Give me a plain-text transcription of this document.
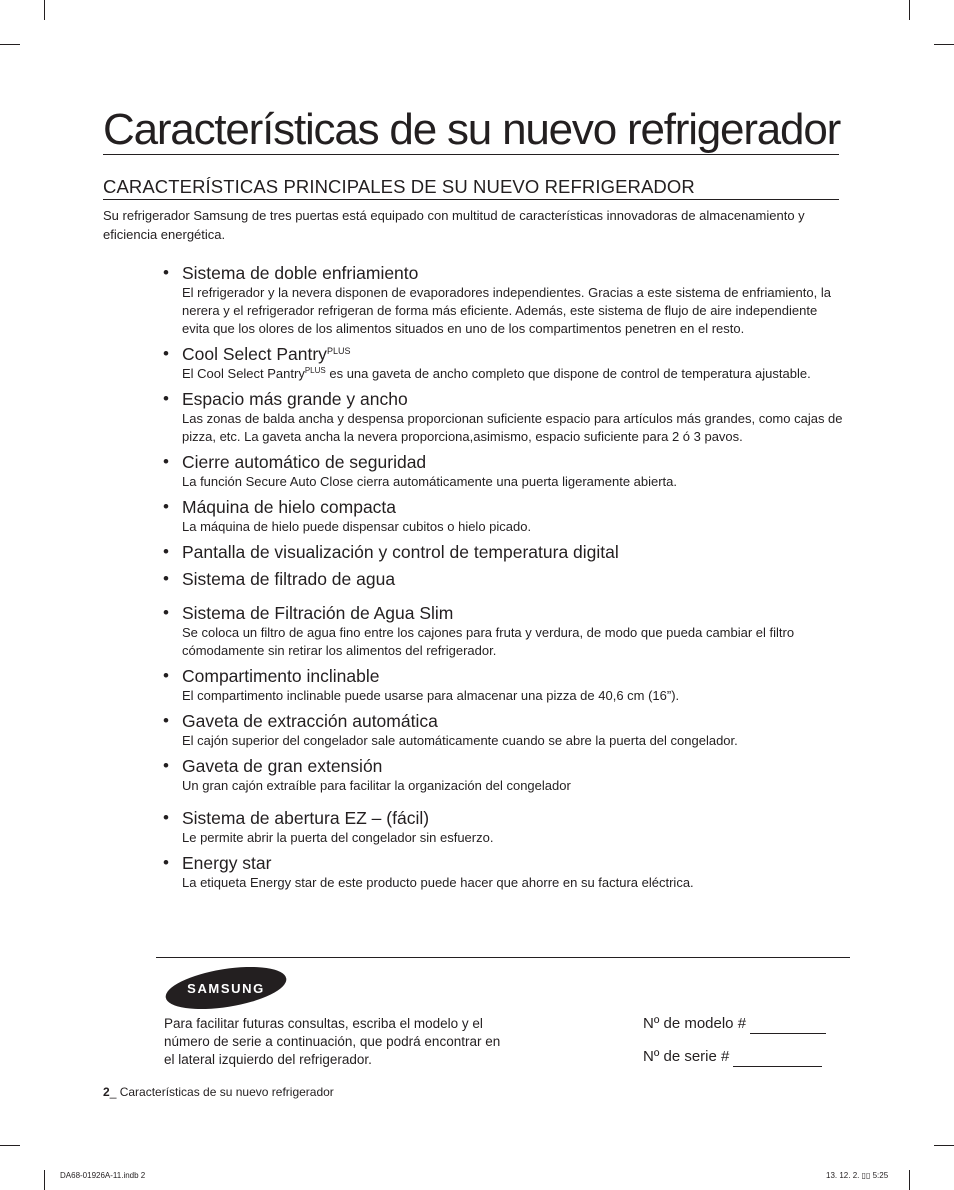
Características de su nuevo refrigerador
CARACTERÍSTICAS PRINCIPALES DE SU NUEVO REFRIGERADOR
Su refrigerador Samsung de tres puertas está equipado con multitud de características innovadoras de almacenamiento y eficiencia energética.
• Sistema de doble enfriamiento
El refrigerador y la nevera disponen de evaporadores independientes. Gracias a este sistema de enfriamiento, la nerera y el refrigerador refrigeran de forma más eficiente. Además, este sistema de flujo de aire independiente evita que los olores de los alimentos situados en uno de los compartimentos penetren en el resto.
• Cool Select Pantry$^{PLUS}$
El Cool Select Pantry$^{PLUS}$ es una gaveta de ancho completo que dispone de control de temperatura ajustable.
• Espacio más grande y ancho
Las zonas de balda ancha y despensa proporcionan suficiente espacio para artículos más grandes, como cajas de pizza, etc. La gaveta ancha la nevera proporciona,asimismo, espacio suficiente para 2 ó 3 pavos.
• Cierre automático de seguridad
La función Secure Auto Close cierra automáticamente una puerta ligeramente abierta.
• Máquina de hielo compacta
La máquina de hielo puede dispensar cubitos o hielo picado.
• Pantalla de visualización y control de temperatura digital
• Sistema de filtrado de agua
• Sistema de Filtración de Agua Slim
Se coloca un filtro de agua fino entre los cajones para fruta y verdura, de modo que pueda cambiar el filtro cómodamente sin retirar los alimentos del refrigerador.
• Compartimento inclinable
El compartimento inclinable puede usarse para almacenar una pizza de 40,6 cm (16”).
• Gaveta de extracción automática
El cajón superior del congelador sale automáticamente cuando se abre la puerta del congelador.
• Gaveta de gran extensión
Un gran cajón extraíble para facilitar la organización del congelador
• Sistema de abertura EZ – (fácil)
Le permite abrir la puerta del congelador sin esfuerzo.
• Energy star
La etiqueta Energy star de este producto puede hacer que ahorre en su factura eléctrica.
SAMSUNG
Para facilitar futuras consultas, escriba el modelo y el número de serie a continuación, que podrá encontrar en el lateral izquierdo del refrigerador.
Nº de modelo #
Nº de serie #
2_ Características de su nuevo refrigerador
DA68-01926A-11.indb 2	13. 12. 2. ▯▯ 5:25
